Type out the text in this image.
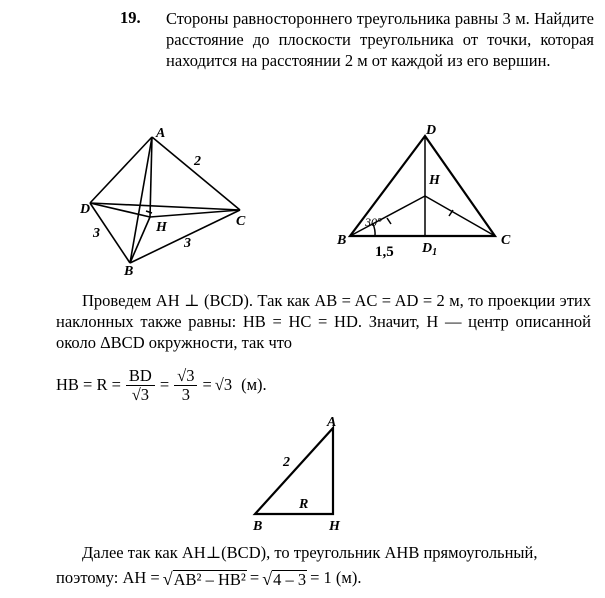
19. Стороны равностороннего треугольника равны 3 м. Найдите расстояние до плоскости треугольника от точки, которая находится на расстоянии 2 м от каждой из его вершин.
A
D
C
H
B
2
3
3
D
H
B	C
30°
$D_1$
1,5
Проведем AH ⊥ (BCD). Так как AB = AC = AD = 2 м, то проекции этих наклонных также равны: HB = HC = HD. Значит, H — центр описанной около ΔBCD окружности, так что
HB = $R = \frac{BD}{√3} = \frac{√3}{3} = √3$ (м).
A
B	H
R
2
Далее так как AH⊥(BCD), то треугольник AHB прямоугольный,
поэтому: AH = √ AB² – HB² = √ 4 – 3 = 1 (м).
